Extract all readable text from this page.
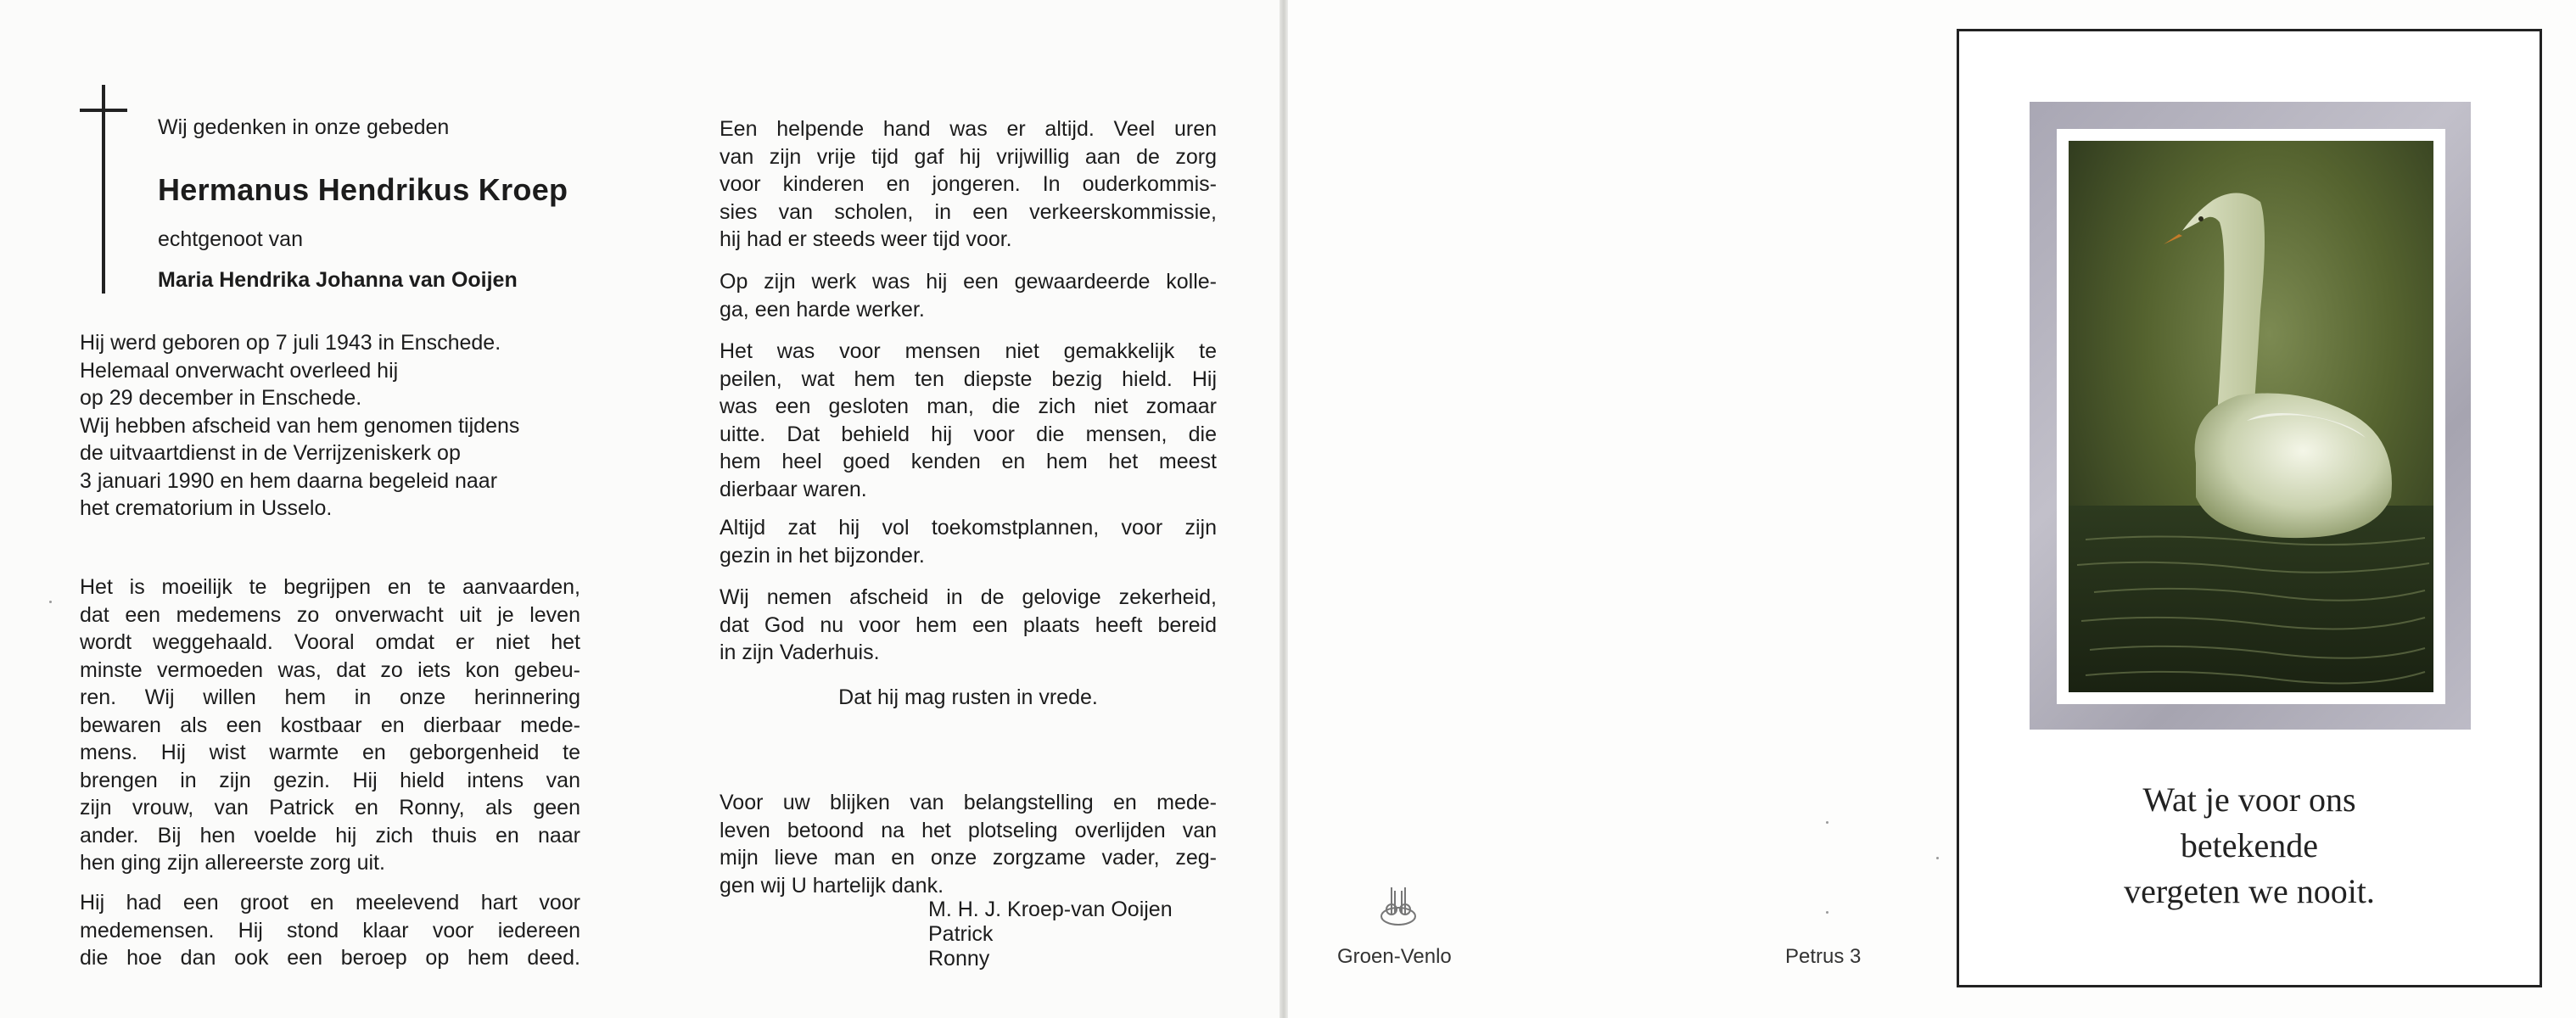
Wij gedenken in onze gebeden
Hermanus Hendrikus Kroep
echtgenoot van
Maria Hendrika Johanna van Ooijen

Hij werd geboren op 7 juli 1943 in Enschede.

Helemaal onverwacht overleed hij

op 29 december in Enschede.

Wij hebben afscheid van hem genomen tijdens

de uitvaartdienst in de Verrijzeniskerk op

3 januari 1990 en hem daarna begeleid naar

het crematorium in Usselo.

Het is moeilijk te begrijpen en te aanvaarden,

dat een medemens zo onverwacht uit je leven

wordt weggehaald. Vooral omdat er niet het

minste vermoeden was, dat zo iets kon gebeu-

ren. Wij willen hem in onze herinnering

bewaren als een kostbaar en dierbaar mede-

mens. Hij wist warmte en geborgenheid te

brengen in zijn gezin. Hij hield intens van

zijn vrouw, van Patrick en Ronny, als geen

ander. Bij hen voelde hij zich thuis en naar

hen ging zijn allereerste zorg uit.

Hij had een groot en meelevend hart voor

medemensen. Hij stond klaar voor iedereen

die hoe dan ook een beroep op hem deed.

Een helpende hand was er altijd. Veel uren

van zijn vrije tijd gaf hij vrijwillig aan de zorg

voor kinderen en jongeren. In ouderkommis-

sies van scholen, in een verkeerskommissie,

hij had er steeds weer tijd voor.

Op zijn werk was hij een gewaardeerde kolle-

ga, een harde werker.

Het was voor mensen niet gemakkelijk te

peilen, wat hem ten diepste bezig hield. Hij

was een gesloten man, die zich niet zomaar

uitte. Dat behield hij voor die mensen, die

hem heel goed kenden en hem het meest

dierbaar waren.

Altijd zat hij vol toekomstplannen, voor zijn

gezin in het bijzonder.

Wij nemen afscheid in de gelovige zekerheid,

dat God nu voor hem een plaats heeft bereid

in zijn Vaderhuis.

Dat hij mag rusten in vrede.

Voor uw blijken van belangstelling en mede-

leven betoond na het plotseling overlijden van

mijn lieve man en onze zorgzame vader, zeg-

gen wij U hartelijk dank.

M. H. J. Kroep-van Ooijen

Patrick

Ronny	Groen-Venlo	Petrus 3

Wat je voor ons

betekende

vergeten we nooit.
